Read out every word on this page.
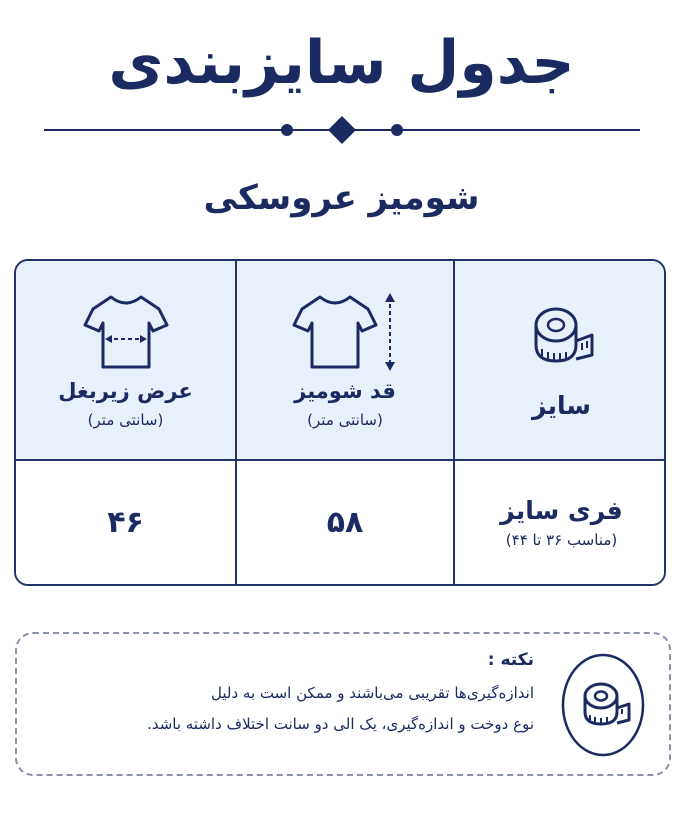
جدول سایزبندی
شومیز عروسکی
عرض زیربغل
(سانتی متر)
قد شومیز
(سانتی متر)
سایز
۴۶	۵۸	فری سایز
(مناسب ۳۶ تا ۴۴)
نکته :
اندازه‌گیری‌ها تقریبی می‌باشند و ممکن است به دلیل
نوع دوخت و اندازه‌گیری، یک الی دو سانت اختلاف داشته باشد.
